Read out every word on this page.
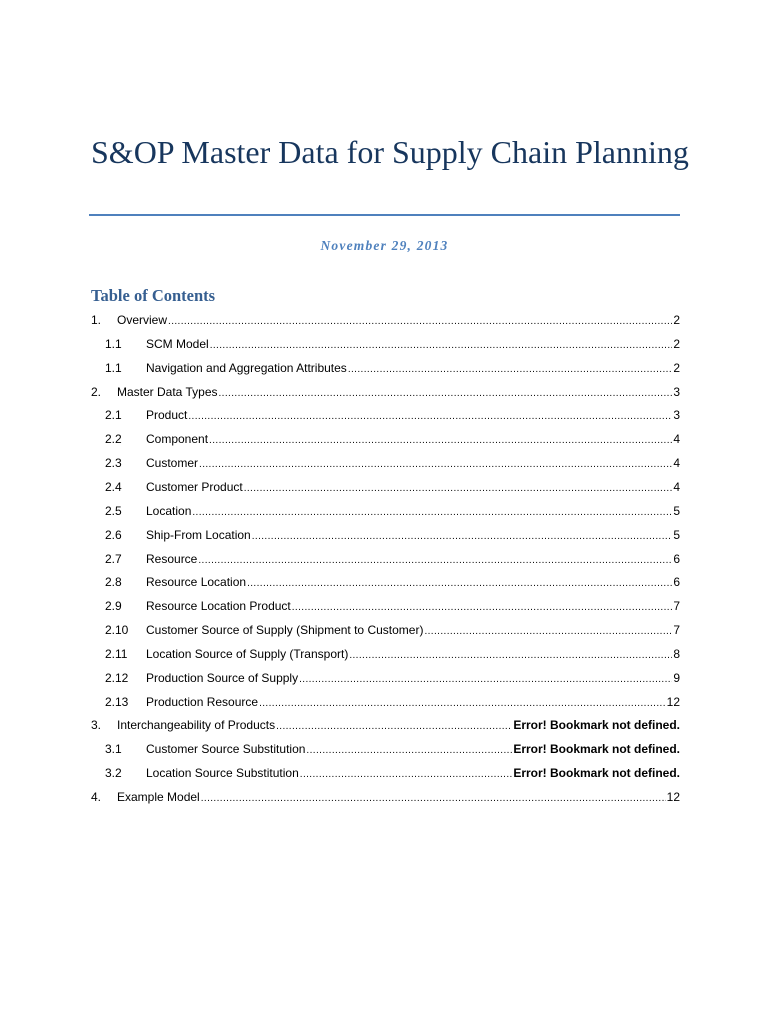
S&OP Master Data for Supply Chain Planning
November 29, 2013
Table of Contents
1.	Overview .....	2
1.1	SCM Model .....	2
1.1	Navigation and Aggregation Attributes .....	2
2.	Master Data Types .....	3
2.1	Product .....	3
2.2	Component .....	4
2.3	Customer .....	4
2.4	Customer Product .....	4
2.5	Location .....	5
2.6	Ship-From Location .....	5
2.7	Resource .....	6
2.8	Resource Location .....	6
2.9	Resource Location Product .....	7
2.10	Customer Source of Supply (Shipment to Customer) .....	7
2.11	Location Source of Supply (Transport) .....	8
2.12	Production Source of Supply .....	9
2.13	Production Resource .....	12
3.	Interchangeability of Products .....	Error! Bookmark not defined.
3.1	Customer Source Substitution .....	Error! Bookmark not defined.
3.2	Location Source Substitution .....	Error! Bookmark not defined.
4.	Example Model .....	12
